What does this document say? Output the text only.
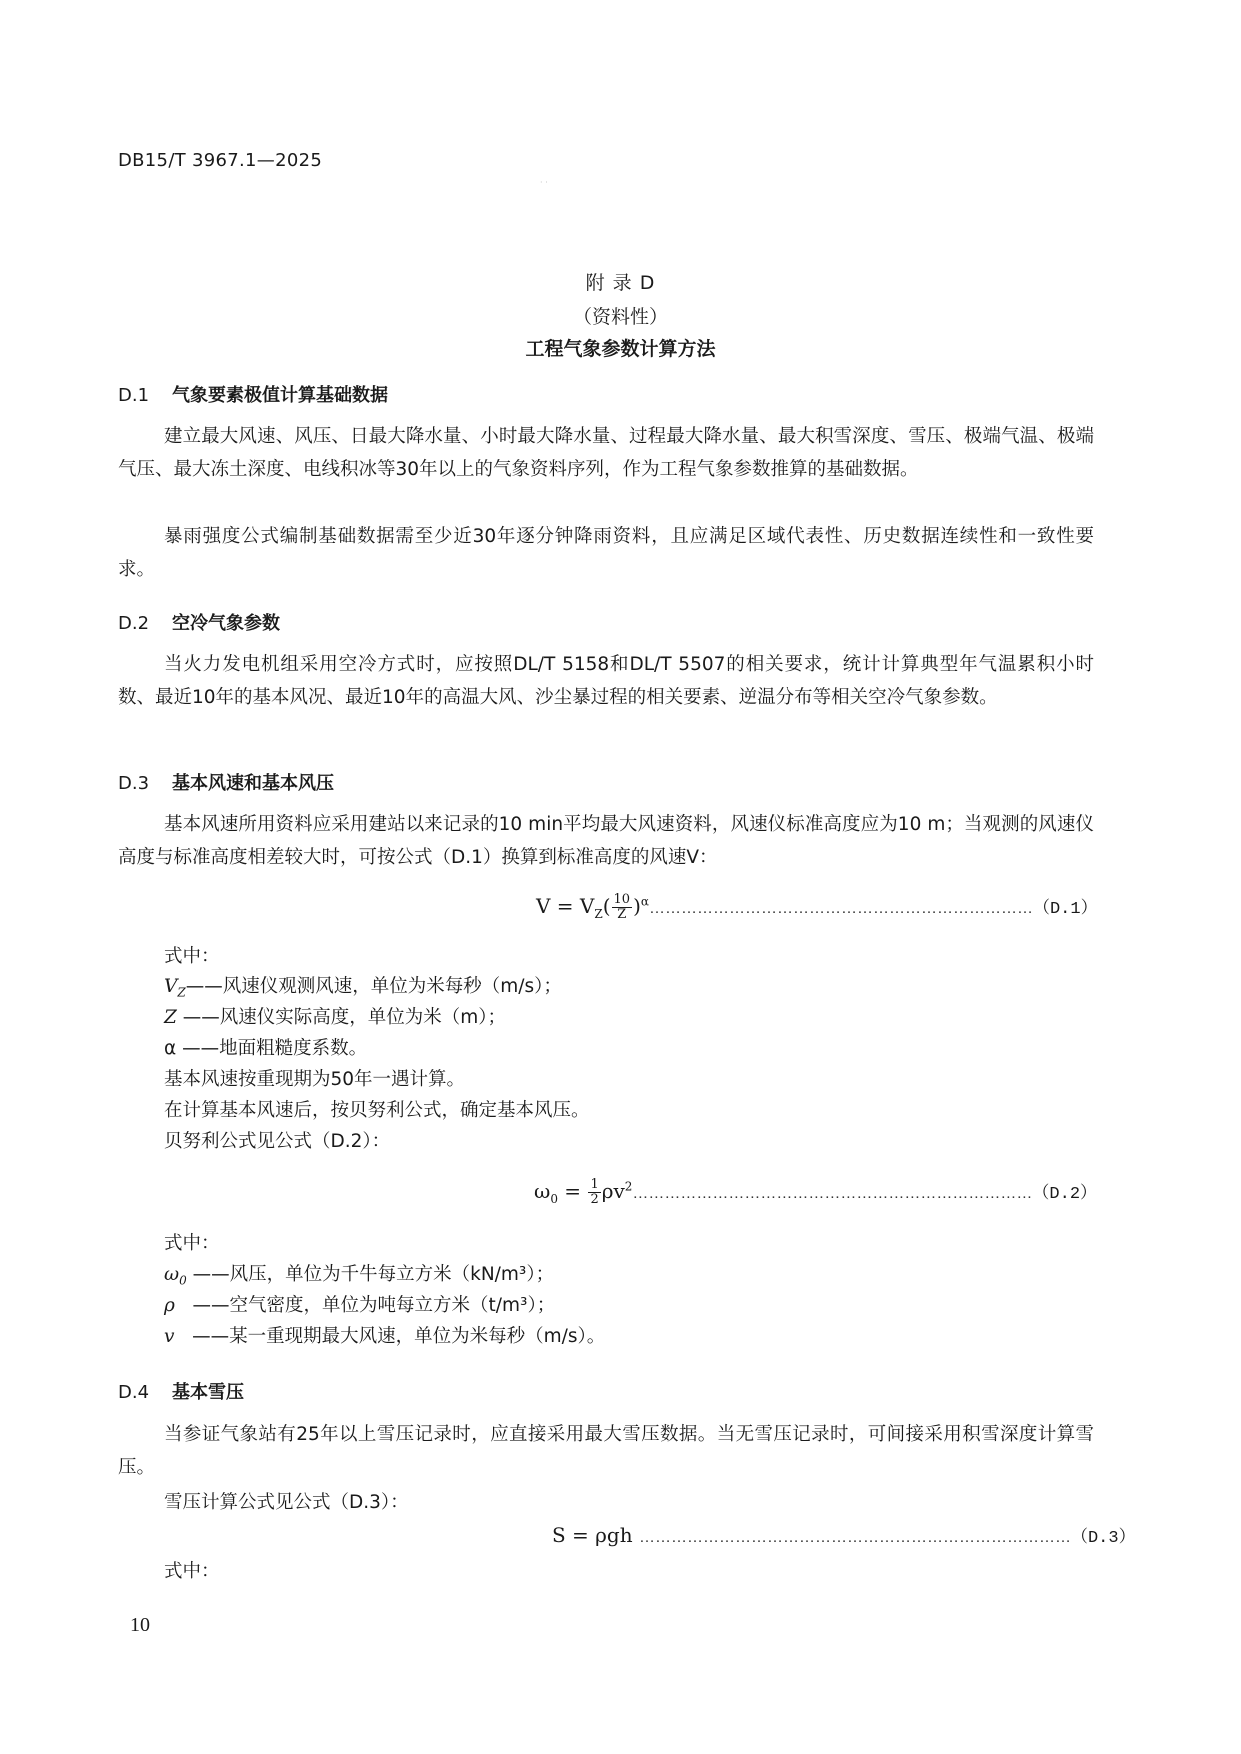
DB15/T 3967.1—2025
· ·
附 录 D
（资料性）
工程气象参数计算方法
D.1 气象要素极值计算基础数据
建立最大风速、风压、日最大降水量、小时最大降水量、过程最大降水量、最大积雪深度、雪压、极端气温、极端气压、最大冻土深度、电线积冰等30年以上的气象资料序列，作为工程气象参数推算的基础数据。
暴雨强度公式编制基础数据需至少近30年逐分钟降雨资料，且应满足区域代表性、历史数据连续性和一致性要求。
D.2 空冷气象参数
当火力发电机组采用空冷方式时，应按照DL/T 5158和DL/T 5507的相关要求，统计计算典型年气温累积小时数、最近10年的基本风况、最近10年的高温大风、沙尘暴过程的相关要素、逆温分布等相关空冷气象参数。
D.3 基本风速和基本风压
基本风速所用资料应采用建站以来记录的10 min平均最大风速资料，风速仪标准高度应为10 m；当观测的风速仪高度与标准高度相差较大时，可按公式（D.1）换算到标准高度的风速V：
$V = V_Z( \frac{10}{Z}$ )$^\alpha\dots\dots\dots\dots\dots\dots\dots\dots\dots\dots\dots\dots\dots\dots\dots\dots\dots\dots\dots\dots\dots\dots\dots\dots(D.1)$
式中：
$V_Z——$风速仪观测风速，单位为米每秒（m/s）；
Z ——风速仪实际高度，单位为米（m）；
α ——地面粗糙度系数。
基本风速按重现期为50年一遇计算。
在计算基本风速后，按贝努利公式，确定基本风压。
贝努利公式见公式（D.2）：
$\omega_0 = \frac{1}{2}$ $\rho v^2\dots\dots\dots\dots\dots\dots\dots\dots\dots\dots\dots\dots\dots\dots\dots\dots\dots\dots\dots\dots\dots\dots\dots\dots\dots(D.2)$
式中：
$\omega_0$ ——风压，单位为千牛每立方米（kN/m³）；
ρ   ——空气密度，单位为吨每立方米（t/m³）；
v   ——某一重现期最大风速，单位为米每秒（m/s）。
D.4 基本雪压
当参证气象站有25年以上雪压记录时，应直接采用最大雪压数据。当无雪压记录时，可间接采用积雪深度计算雪压。
雪压计算公式见公式（D.3）：
S = ρgh ………………………………………………………………………（D.3）
式中：
10
